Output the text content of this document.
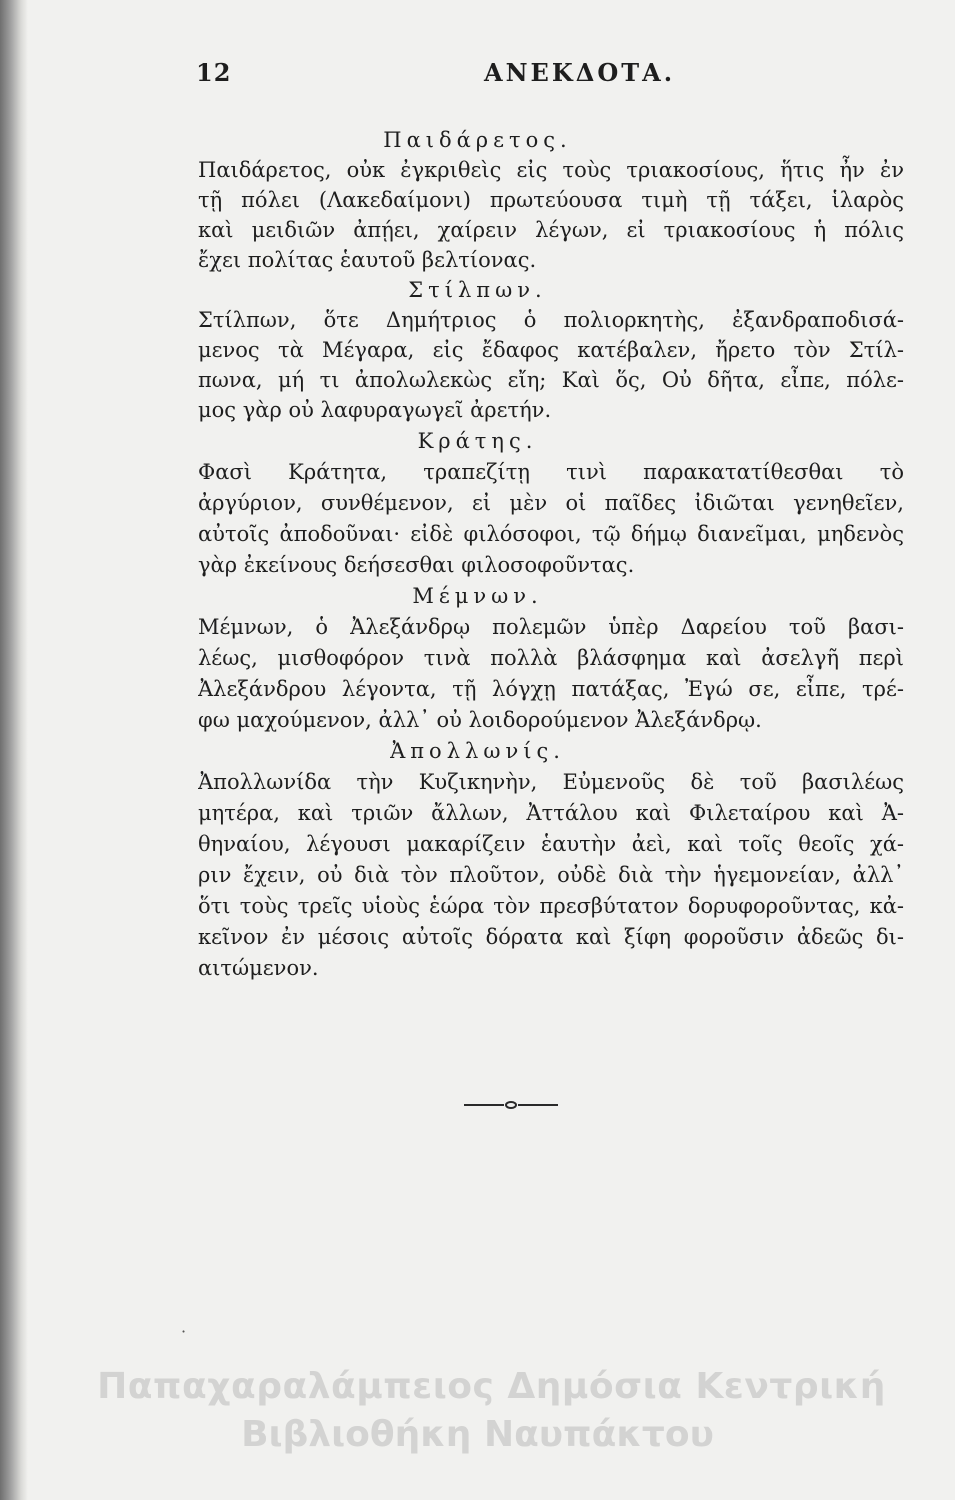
12	ΑΝΕΚΔΟΤΑ.
Παιδάρετος.
Παιδάρετος, οὐκ ἐγκριθεὶς εἰς τοὺς τριακοσίους, ἥτις ἦν ἐν
τῇ πόλει (Λακεδαίμονι) πρωτεύουσα τιμὴ τῇ τάξει, ἱλαρὸς
καὶ μειδιῶν ἀπῄει, χαίρειν λέγων, εἰ τριακοσίους ἡ πόλις
ἔχει πολίτας ἑαυτοῦ βελτίονας.
Στίλπων.
Στίλπων, ὅτε Δημήτριος ὁ πολιορκητὴς, ἐξανδραποδισά-
μενος τὰ Μέγαρα, εἰς ἔδαφος κατέβαλεν, ἤρετο τὸν Στίλ-
πωνα, μή τι ἀπολωλεκὼς εἴη; Καὶ ὅς, Οὐ δῆτα, εἶπε, πόλε-
μος γὰρ οὐ λαφυραγωγεῖ ἀρετήν.
Κράτης.
Φασὶ Κράτητα, τραπεζίτῃ τινὶ παρακατατίθεσθαι τὸ
ἀργύριον, συνθέμενον, εἰ μὲν οἱ παῖδες ἰδιῶται γενηθεῖεν,
αὐτοῖς ἀποδοῦναι· εἰδὲ φιλόσοφοι, τῷ δήμῳ διανεῖμαι, μηδενὸς
γὰρ ἐκείνους δεήσεσθαι φιλοσοφοῦντας.
Μέμνων.
Μέμνων, ὁ Ἀλεξάνδρῳ πολεμῶν ὑπὲρ Δαρείου τοῦ βασι-
λέως, μισθοφόρον τινὰ πολλὰ βλάσφημα καὶ ἀσελγῆ περὶ
Ἀλεξάνδρου λέγοντα, τῇ λόγχῃ πατάξας, Ἐγώ σε, εἶπε, τρέ-
φω μαχούμενον, ἀλλ᾽ οὐ λοιδορούμενον Ἀλεξάνδρῳ.
Ἀπολλωνίς.
Ἀπολλωνίδα τὴν Κυζικηνὴν, Εὐμενοῦς δὲ τοῦ βασιλέως
μητέρα, καὶ τριῶν ἄλλων, Ἀττάλου καὶ Φιλεταίρου καὶ Ἀ-
θηναίου, λέγουσι μακαρίζειν ἑαυτὴν ἀεὶ, καὶ τοῖς θεοῖς χά-
ριν ἔχειν, οὐ διὰ τὸν πλοῦτον, οὐδὲ διὰ τὴν ἡγεμονείαν, ἀλλ᾽
ὅτι τοὺς τρεῖς υἱοὺς ἑώρα τὸν πρεσβύτατον δορυφοροῦντας, κἀ-
κεῖνον ἐν μέσοις αὐτοῖς δόρατα καὶ ξίφη φοροῦσιν ἀδεῶς δι-
αιτώμενον.
·
Παπαχαραλάμπειος Δημόσια Κεντρική
Βιβλιοθήκη Ναυπάκτου
